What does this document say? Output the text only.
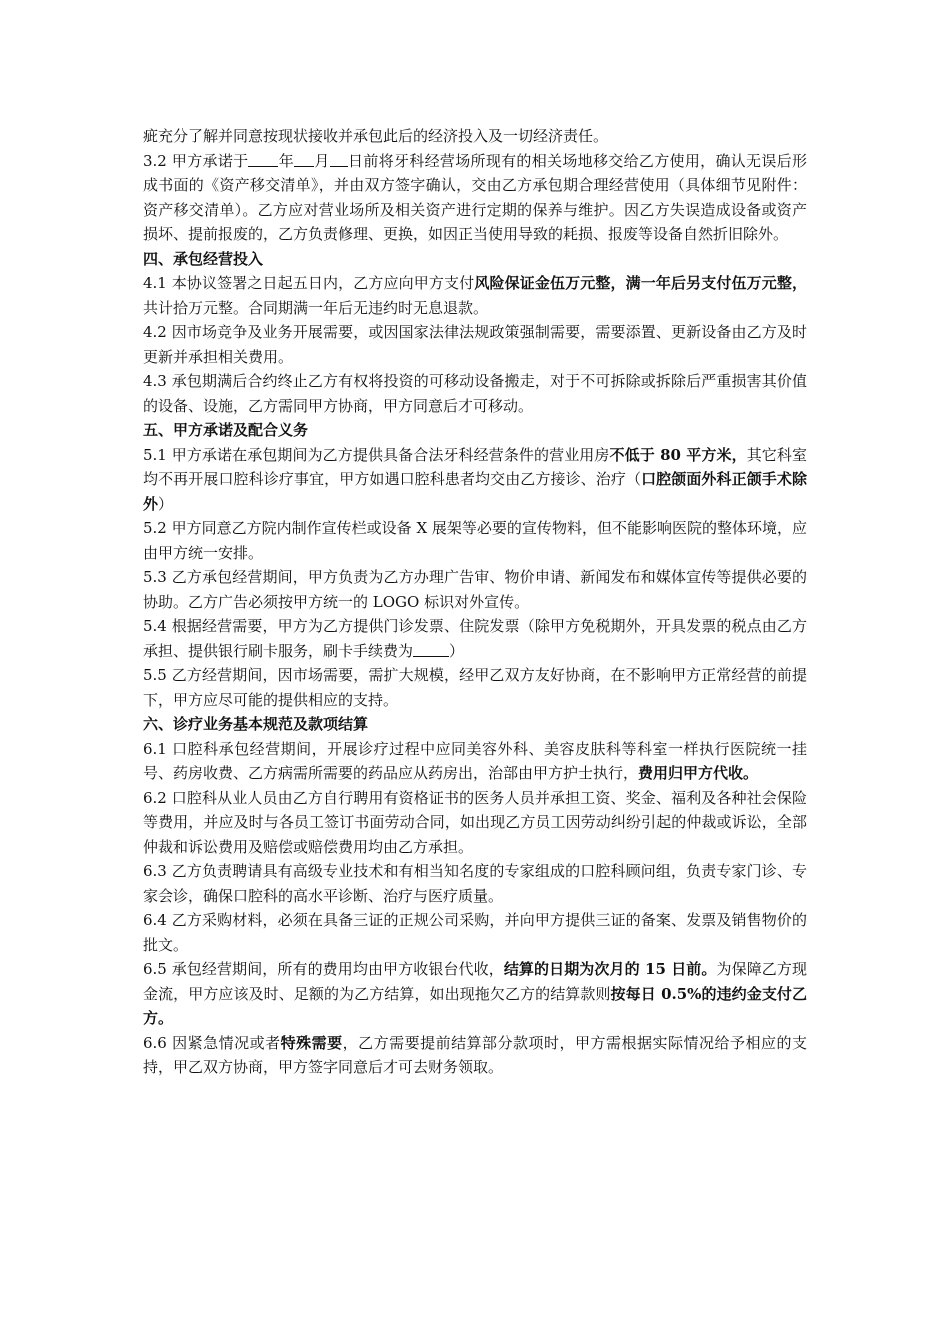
疵充分了解并同意按现状接收并承包此后的经济投入及一切经济责任。

3.2 甲方承诺于 年 月 日前将牙科经营场所现有的相关场地移交给乙方使用，确认无误后形成书面的《资产移交清单》，并由双方签字确认，交由乙方承包期合理经营使用（具体细节见附件：资产移交清单）。乙方应对营业场所及相关资产进行定期的保养与维护。因乙方失误造成设备或资产损坏、提前报废的，乙方负责修理、更换，如因正当使用导致的耗损、报废等设备自然折旧除外。

四、承包经营投入

4.1 本协议签署之日起五日内，乙方应向甲方支付风险保证金伍万元整，满一年后另支付伍万元整，共计拾万元整。合同期满一年后无违约时无息退款。

4.2 因市场竞争及业务开展需要，或因国家法律法规政策强制需要，需要添置、更新设备由乙方及时更新并承担相关费用。

4.3 承包期满后合约终止乙方有权将投资的可移动设备搬走，对于不可拆除或拆除后严重损害其价值的设备、设施，乙方需同甲方协商，甲方同意后才可移动。

五、甲方承诺及配合义务

5.1 甲方承诺在承包期间为乙方提供具备合法牙科经营条件的营业用房不低于 80 平方米，其它科室均不再开展口腔科诊疗事宜，甲方如遇口腔科患者均交由乙方接诊、治疗（口腔颌面外科正颌手术除外）

5.2 甲方同意乙方院内制作宣传栏或设备 X 展架等必要的宣传物料，但不能影响医院的整体环境，应由甲方统一安排。

5.3 乙方承包经营期间，甲方负责为乙方办理广告审、物价申请、新闻发布和媒体宣传等提供必要的协助。乙方广告必须按甲方统一的 LOGO 标识对外宣传。

5.4 根据经营需要，甲方为乙方提供门诊发票、住院发票（除甲方免税期外，开具发票的税点由乙方承担、提供银行刷卡服务，刷卡手续费为 ）

5.5 乙方经营期间，因市场需要，需扩大规模，经甲乙双方友好协商，在不影响甲方正常经营的前提下，甲方应尽可能的提供相应的支持。

六、诊疗业务基本规范及款项结算

6.1 口腔科承包经营期间，开展诊疗过程中应同美容外科、美容皮肤科等科室一样执行医院统一挂号、药房收费、乙方病需所需要的药品应从药房出，治部由甲方护士执行，费用归甲方代收。

6.2 口腔科从业人员由乙方自行聘用有资格证书的医务人员并承担工资、奖金、福利及各种社会保险等费用，并应及时与各员工签订书面劳动合同，如出现乙方员工因劳动纠纷引起的仲裁或诉讼，全部仲裁和诉讼费用及赔偿或赔偿费用均由乙方承担。

6.3 乙方负责聘请具有高级专业技术和有相当知名度的专家组成的口腔科顾问组，负责专家门诊、专家会诊，确保口腔科的高水平诊断、治疗与医疗质量。

6.4 乙方采购材料，必须在具备三证的正规公司采购，并向甲方提供三证的备案、发票及销售物价的批文。

6.5 承包经营期间，所有的费用均由甲方收银台代收，结算的日期为次月的 15 日前。为保障乙方现金流，甲方应该及时、足额的为乙方结算，如出现拖欠乙方的结算款则按每日 0.5%的违约金支付乙方。

6.6 因紧急情况或者特殊需要，乙方需要提前结算部分款项时，甲方需根据实际情况给予相应的支持，甲乙双方协商，甲方签字同意后才可去财务领取。
